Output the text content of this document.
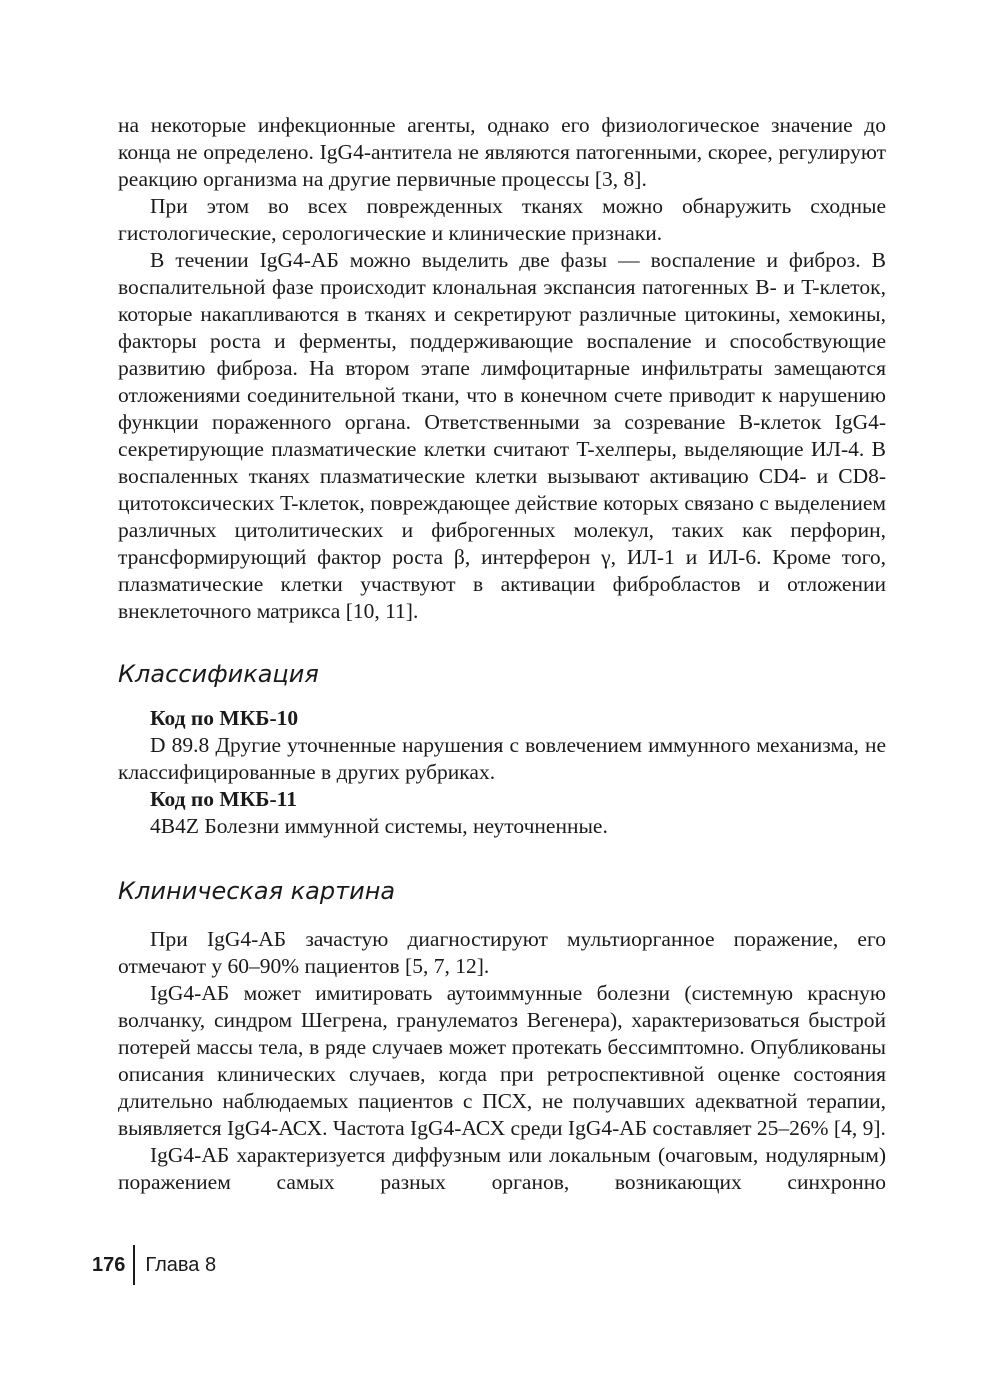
на некоторые инфекционные агенты, однако его физиологическое значение до конца не определено. IgG4-антитела не являются патогенными, скорее, регулируют реакцию организма на другие первичные процессы [3, 8].

При этом во всех поврежденных тканях можно обнаружить сходные гистологические, серологические и клинические признаки.

В течении IgG4-АБ можно выделить две фазы — воспаление и фиброз. В воспалительной фазе происходит клональная экспансия патогенных B- и T-клеток, которые накапливаются в тканях и секретируют различные цитокины, хемокины, факторы роста и ферменты, поддерживающие воспаление и способствующие развитию фиброза. На втором этапе лимфоцитарные инфильтраты замещаются отложениями соединительной ткани, что в конечном счете приводит к нарушению функции пораженного органа. Ответственными за созревание B-клеток IgG4-секретирующие плазматические клетки считают T-хелперы, выделяющие ИЛ-4. В воспаленных тканях плазматические клетки вызывают активацию CD4- и CD8-цитотоксических T-клеток, повреждающее действие которых связано с выделением различных цитолитических и фиброгенных молекул, таких как перфорин, трансформирующий фактор роста β, интерферон γ, ИЛ-1 и ИЛ-6. Кроме того, плазматические клетки участвуют в активации фибробластов и отложении внеклеточного матрикса [10, 11].

Классификация

Код по МКБ-10

D 89.8 Другие уточненные нарушения с вовлечением иммунного механизма, не классифицированные в других рубриках.

Код по МКБ-11

4B4Z Болезни иммунной системы, неуточненные.

Клиническая картина

При IgG4-АБ зачастую диагностируют мультиорганное поражение, его отмечают у 60–90% пациентов [5, 7, 12].

IgG4-АБ может имитировать аутоиммунные болезни (системную красную волчанку, синдром Шегрена, гранулематоз Вегенера), характеризоваться быстрой потерей массы тела, в ряде случаев может протекать бессимптомно. Опубликованы описания клинических случаев, когда при ретроспективной оценке состояния длительно наблюдаемых пациентов с ПСХ, не получавших адекватной терапии, выявляется IgG4-АСХ. Частота IgG4-АСХ среди IgG4-АБ составляет 25–26% [4, 9].

IgG4-АБ характеризуется диффузным или локальным (очаговым, нодулярным) поражением самых разных органов, возникающих синхронно

176 Глава 8
